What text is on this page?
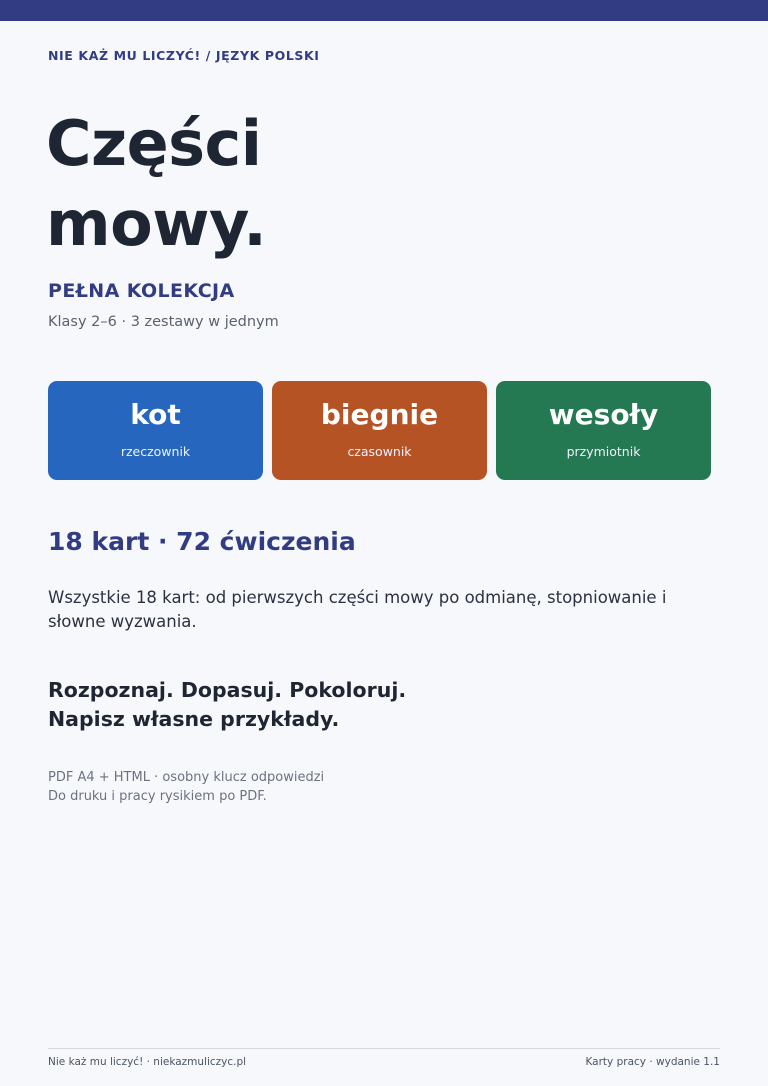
NIE KAŻ MU LICZYĆ! / JĘZYK POLSKI
Części
mowy.
PEŁNA KOLEKCJA
Klasy 2–6 · 3 zestawy w jednym
kot
rzeczownik
biegnie
czasownik
wesoły
przymiotnik
18 kart · 72 ćwiczenia
Wszystkie 18 kart: od pierwszych części mowy po odmianę, stopniowanie i słowne wyzwania.
Rozpoznaj. Dopasuj. Pokoloruj.
Napisz własne przykłady.
PDF A4 + HTML · osobny klucz odpowiedzi
Do druku i pracy rysikiem po PDF.
Nie każ mu liczyć! · niekazmuliczyc.pl	Karty pracy · wydanie 1.1
